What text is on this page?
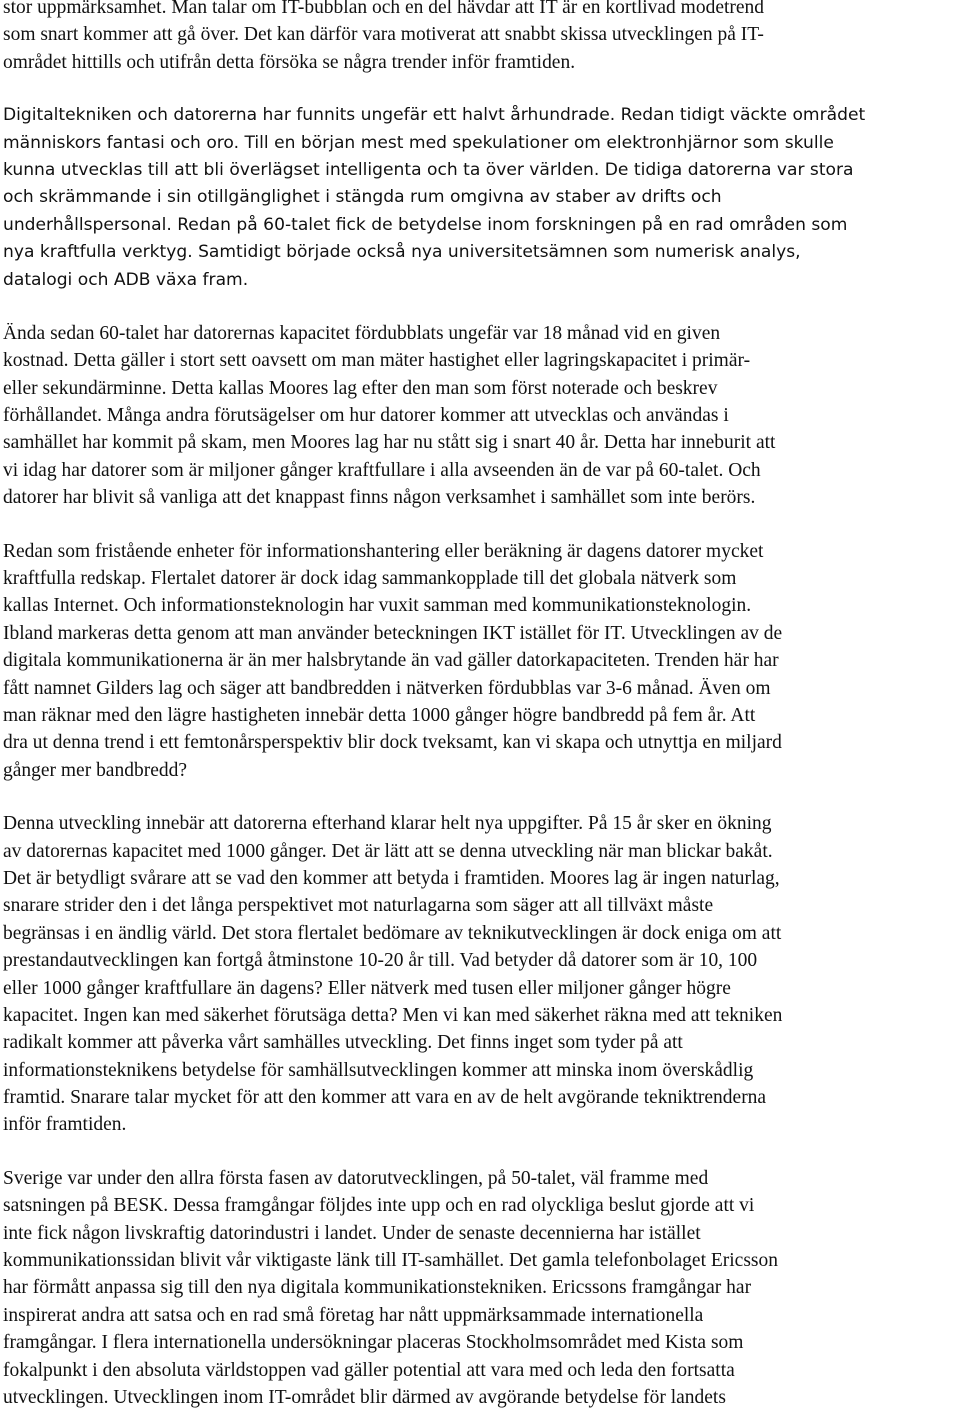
stor uppmärksamhet. Man talar om IT-bubblan och en del hävdar att IT är en kortlivad modetrend
som snart kommer att gå över. Det kan därför vara motiverat att snabbt skissa utvecklingen på IT-
området hittills och utifrån detta försöka se några trender inför framtiden.
Digitaltekniken och datorerna har funnits ungefär ett halvt århundrade. Redan tidigt väckte området
människors fantasi och oro. Till en början mest med spekulationer om elektronhjärnor som skulle
kunna utvecklas till att bli överlägset intelligenta och ta över världen. De tidiga datorerna var stora
och skrämmande i sin otillgänglighet i stängda rum omgivna av staber av drifts och
underhållspersonal. Redan på 60-talet fick de betydelse inom forskningen på en rad områden som
nya kraftfulla verktyg. Samtidigt började också nya universitetsämnen som numerisk analys,
datalogi och ADB växa fram.
Ända sedan 60-talet har datorernas kapacitet fördubblats ungefär var 18 månad vid en given
kostnad. Detta gäller i stort sett oavsett om man mäter hastighet eller lagringskapacitet i primär-
eller sekundärminne. Detta kallas Moores lag efter den man som först noterade och beskrev
förhållandet. Många andra förutsägelser om hur datorer kommer att utvecklas och användas i
samhället har kommit på skam, men Moores lag har nu stått sig i snart 40 år. Detta har inneburit att
vi idag har datorer som är miljoner gånger kraftfullare i alla avseenden än de var på 60-talet. Och
datorer har blivit så vanliga att det knappast finns någon verksamhet i samhället som inte berörs.
Redan som fristående enheter för informationshantering eller beräkning är dagens datorer mycket
kraftfulla redskap. Flertalet datorer är dock idag sammankopplade till det globala nätverk som
kallas Internet. Och informationsteknologin har vuxit samman med kommunikationsteknologin.
Ibland markeras detta genom att man använder beteckningen IKT istället för IT. Utvecklingen av de
digitala kommunikationerna är än mer halsbrytande än vad gäller datorkapaciteten. Trenden här har
fått namnet Gilders lag och säger att bandbredden i nätverken fördubblas var 3-6 månad. Även om
man räknar med den lägre hastigheten innebär detta 1000 gånger högre bandbredd på fem år. Att
dra ut denna trend i ett femtonårsperspektiv blir dock tveksamt, kan vi skapa och utnyttja en miljard
gånger mer bandbredd?
Denna utveckling innebär att datorerna efterhand klarar helt nya uppgifter. På 15 år sker en ökning
av datorernas kapacitet med 1000 gånger. Det är lätt att se denna utveckling när man blickar bakåt.
Det är betydligt svårare att se vad den kommer att betyda i framtiden. Moores lag är ingen naturlag,
snarare strider den i det långa perspektivet mot naturlagarna som säger att all tillväxt måste
begränsas i en ändlig värld. Det stora flertalet bedömare av teknikutvecklingen är dock eniga om att
prestandautvecklingen kan fortgå åtminstone 10-20 år till. Vad betyder då datorer som är 10, 100
eller 1000 gånger kraftfullare än dagens? Eller nätverk med tusen eller miljoner gånger högre
kapacitet. Ingen kan med säkerhet förutsäga detta? Men vi kan med säkerhet räkna med att tekniken
radikalt kommer att påverka vårt samhälles utveckling. Det finns inget som tyder på att
informationsteknikens betydelse för samhällsutvecklingen kommer att minska inom överskådlig
framtid. Snarare talar mycket för att den kommer att vara en av de helt avgörande tekniktrenderna
inför framtiden.
Sverige var under den allra första fasen av datorutvecklingen, på 50-talet, väl framme med
satsningen på BESK. Dessa framgångar följdes inte upp och en rad olyckliga beslut gjorde att vi
inte fick någon livskraftig datorindustri i landet. Under de senaste decennierna har istället
kommunikationssidan blivit vår viktigaste länk till IT-samhället. Det gamla telefonbolaget Ericsson
har förmått anpassa sig till den nya digitala kommunikationstekniken. Ericssons framgångar har
inspirerat andra att satsa och en rad små företag har nått uppmärksammade internationella
framgångar. I flera internationella undersökningar placeras Stockholmsområdet med Kista som
fokalpunkt i den absoluta världstoppen vad gäller potential att vara med och leda den fortsatta
utvecklingen. Utvecklingen inom IT-området blir därmed av avgörande betydelse för landets
